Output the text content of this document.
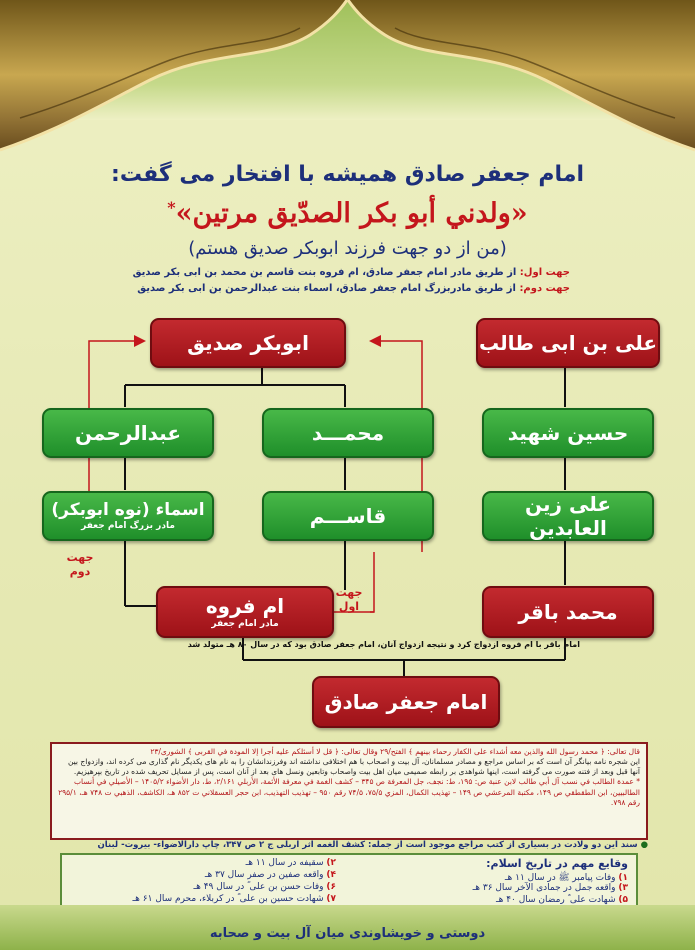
امام جعفر صادق همیشه با افتخار می گفت:
«ولدني أبو بكر الصدّيق مرتين»*
(من از دو جهت فرزند ابوبکر صدیق هستم)
جهت اول: از طریق مادر امام جعفر صادق، ام فروه بنت قاسم بن محمد بن ابی بکر صدیق
جهت دوم: از طریق مادربزرگ امام جعفر صادق، اسماء بنت عبدالرحمن بن ابی بکر صدیق
ابوبکر صدیق	علی بن ابی طالب
عبدالرحمن	محمـــد	حسین شهید
اسماء (نوه ابوبکر)
مادر بزرگ امام جعفر	قاســـم	علی زین العابدین
ام فروه
مادر امام جعفر
محمد باقر
امام جعفر صادق
جهت
اول
جهت
دوم
امام باقر با ام فروه ازدواج کرد و نتیجه ازدواج آنان، امام جعفر صادق بود که در سال ۸۰ هـ متولد شد
قال تعالى: ﴿ محمد رسول الله والذين معه أشداء على الكفار رحماء بينهم ﴾ الفتح/۲۹ وقال تعالى: ﴿ قل لا أسئلكم عليه أجرا إلا المودة في القربى ﴾ الشورى/۲۳
این شجره نامه بیانگر آن است که بر اساس مراجع و مصادر مسلمانان، آل بیت و اصحاب با هم اختلافی نداشته اند وفرزندانشان را به نام های یکدیگر نام گذاری می کرده اند، وازدواج بین آنها قبل وبعد از فتنه صورت می گرفته است، اینها شواهدی بر رابطه صمیمی میان اهل بیت واصحاب وتابعین ونسل های بعد از آنان است، پس از مسایل تحریف شده در تاریخ بپرهیزیم.
* عمدة الطالب في نسب آل أبي طالب لابن عنبة ص: ۱۹۵، ط: نجف، جل المعرفة ص ۳۴۵ – كشف الغمة في معرفة الأئمة، الأربلي ۲/۱۶۱، ط، دار الأضواء ۱۴۰۵/۲ – الأصيلي في أنساب الطالبيين، ابن الطقطقي ص ۱۴۹، مكتبة المرعشي ص ۱۴۹ – تهذيب الكمال، المزي ۷۵/۵، ۷۴/۵ رقم ۹۵۰ – تهذيب التهذيب، ابن حجر العسقلاني ت ۸۵۲ هـ، الكاشف، الذهبي ت ۷۴۸ هـ، ۲۹۵/۱ رقم ۷۹۸.
● سند این دو ولادت در بسیاری از کتب مراجع موجود است از جمله: کشف الغمه اثر اربلی ج ۲ ص ۳۴۷، چاپ دارالاضواء- بیروت- لبنان
وقایع مهم در تاریخ اسلام:
۱) وفات پیامبر ﷺ در سال ۱۱ هـ
۲) سقیفه در سال ۱۱ هـ
۳) واقعه جمل در جمادی الآخر سال ۳۶ هـ
۴) واقعه صفین در صفر سال ۳۷ هـ
۵) شهادت علی ؓ رمضان سال ۴۰ هـ
۶) وفات حسن بن علی ؓ در سال ۴۹ هـ
۷) شهادت حسین بن علی ؓ در کربلاء، محرم سال ۶۱ هـ
دوستی و خویشاوندی میان آل بیت و صحابه
